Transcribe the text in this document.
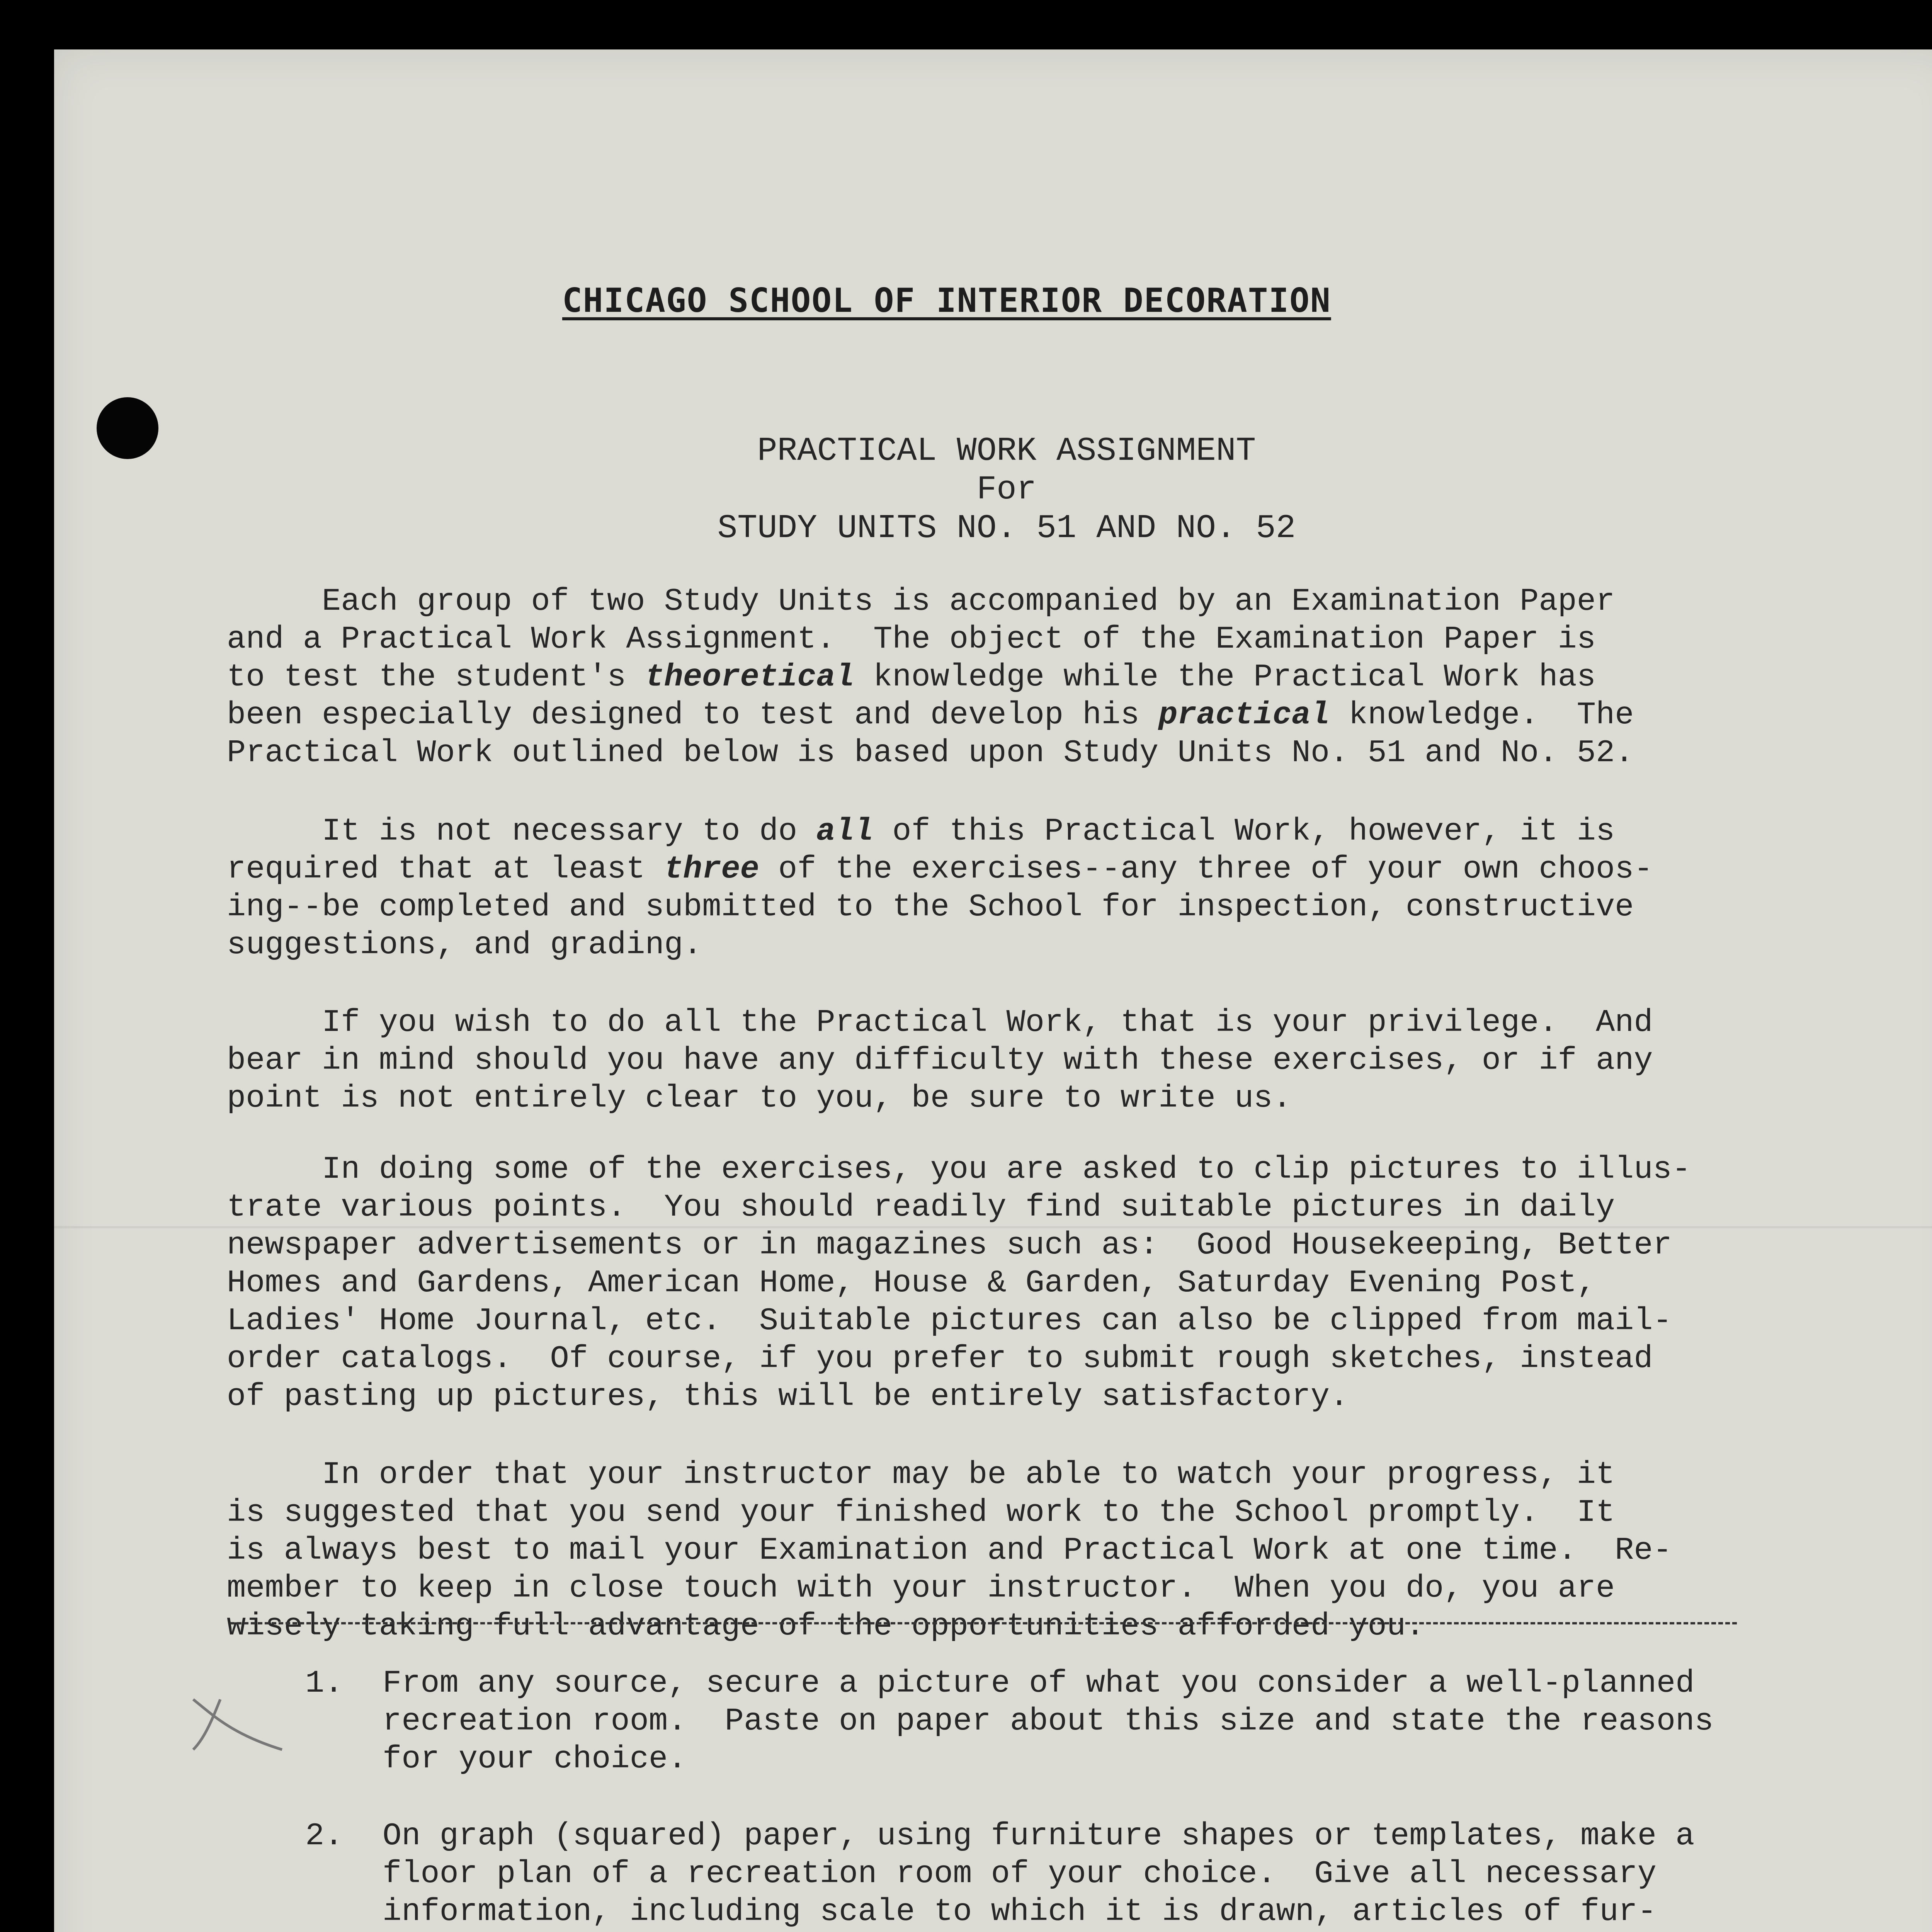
CHICAGO SCHOOL OF INTERIOR DECORATION
PRACTICAL WORK ASSIGNMENT
For
STUDY UNITS NO. 51 AND NO. 52

Each group of two Study Units is accompanied by an Examination Paper
and a Practical Work Assignment.  The object of the Examination Paper is
to test the student's theoretical knowledge while the Practical Work has
been especially designed to test and develop his practical knowledge.  The
Practical Work outlined below is based upon Study Units No. 51 and No. 52.

It is not necessary to do all of this Practical Work, however, it is
required that at least three of the exercises--any three of your own choos-
ing--be completed and submitted to the School for inspection, constructive
suggestions, and grading.

If you wish to do all the Practical Work, that is your privilege.  And
bear in mind should you have any difficulty with these exercises, or if any
point is not entirely clear to you, be sure to write us.

In doing some of the exercises, you are asked to clip pictures to illus-
trate various points.  You should readily find suitable pictures in daily
newspaper advertisements or in magazines such as:  Good Housekeeping, Better
Homes and Gardens, American Home, House & Garden, Saturday Evening Post,
Ladies' Home Journal, etc.  Suitable pictures can also be clipped from mail-
order catalogs.  Of course, if you prefer to submit rough sketches, instead
of pasting up pictures, this will be entirely satisfactory.

In order that your instructor may be able to watch your progress, it
is suggested that you send your finished work to the School promptly.  It
is always best to mail your Examination and Practical Work at one time.  Re-
member to keep in close touch with your instructor.  When you do, you are
wisely taking full advantage of the opportunities afforded you.

1. From any source, secure a picture of what you consider a well-planned
recreation room.  Paste on paper about this size and state the reasons
for your choice.
2. On graph (squared) paper, using furniture shapes or templates, make a
floor plan of a recreation room of your choice.  Give all necessary
information, including scale to which it is drawn, articles of fur-
